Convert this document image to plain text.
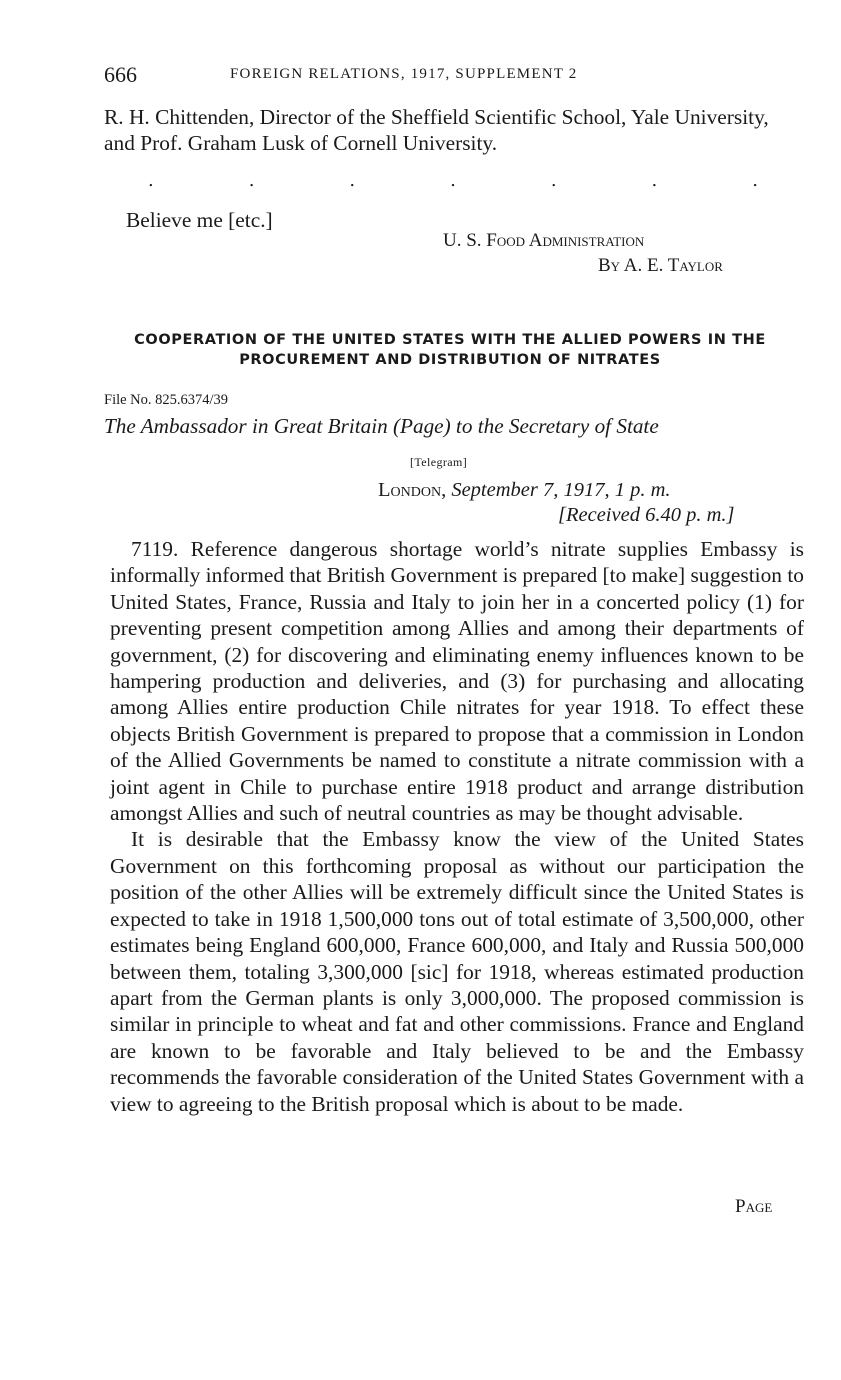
666	FOREIGN RELATIONS, 1917, SUPPLEMENT 2
R. H. Chittenden, Director of the Sheffield Scientific School, Yale University, and Prof. Graham Lusk of Cornell University.
.	.	.	.	.	.	.
Believe me [etc.]
U. S. Food Administration
By A. E. Taylor
COOPERATION OF THE UNITED STATES WITH THE ALLIED POWERS IN THE PROCUREMENT AND DISTRIBUTION OF NITRATES
File No. 825.6374/39
The Ambassador in Great Britain (Page) to the Secretary of State
[Telegram]
London, September 7, 1917, 1 p. m.
[Received 6.40 p. m.]

7119. Reference dangerous shortage world’s nitrate supplies Embassy is informally informed that British Government is prepared [to make] suggestion to United States, France, Russia and Italy to join her in a concerted policy (1) for preventing present competition among Allies and among their departments of government, (2) for discovering and eliminating enemy influences known to be hampering production and deliveries, and (3) for purchasing and allocating among Allies entire production Chile nitrates for year 1918. To effect these objects British Government is prepared to propose that a commission in London of the Allied Governments be named to constitute a nitrate commission with a joint agent in Chile to purchase entire 1918 product and arrange distribution amongst Allies and such of neutral countries as may be thought advisable.

It is desirable that the Embassy know the view of the United States Government on this forthcoming proposal as without our participation the position of the other Allies will be extremely difficult since the United States is expected to take in 1918 1,500,000 tons out of total estimate of 3,500,000, other estimates being England 600,000, France 600,000, and Italy and Russia 500,000 between them, totaling 3,300,000 [sic] for 1918, whereas estimated production apart from the German plants is only 3,000,000. The proposed commission is similar in principle to wheat and fat and other commissions. France and England are known to be favorable and Italy believed to be and the Embassy recommends the favorable consideration of the United States Government with a view to agreeing to the British proposal which is about to be made.

Page
